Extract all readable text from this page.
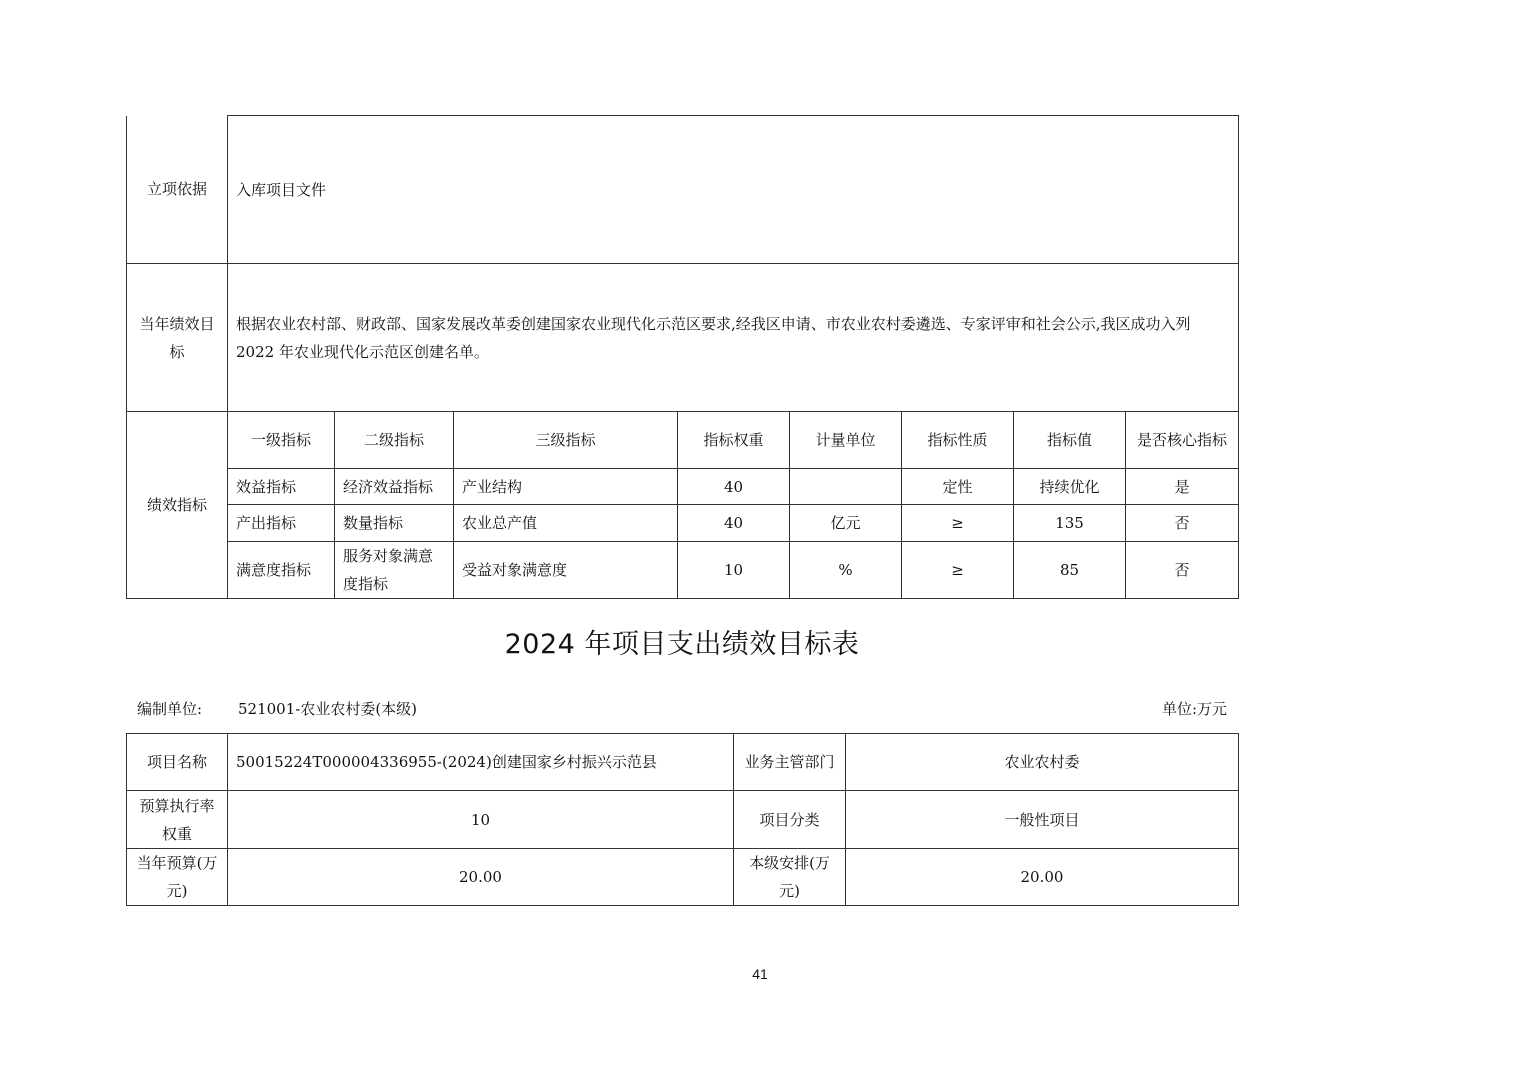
立项依据	入库项目文件							
当年绩效目标	根据农业农村部、财政部、国家发展改革委创建国家农业现代化示范区要求,经我区申请、市农业农村委遴选、专家评审和社会公示,我区成功入列 2022 年农业现代化示范区创建名单。							
绩效指标	一级指标	二级指标	三级指标	指标权重	计量单位	指标性质	指标值	是否核心指标
	效益指标	经济效益指标	产业结构	40		定性	持续优化	是
	产出指标	数量指标	农业总产值	40	亿元	≥	135	否
	满意度指标	服务对象满意度指标	受益对象满意度	10	%	≥	85	否
2024 年项目支出绩效目标表
编制单位: 521001-农业农村委(本级)	单位:万元
项目名称	50015224T000004336955-(2024)创建国家乡村振兴示范县	业务主管部门	农业农村委
预算执行率权重	10	项目分类	一般性项目
当年预算(万元)	20.00	本级安排(万元)	20.00
41
